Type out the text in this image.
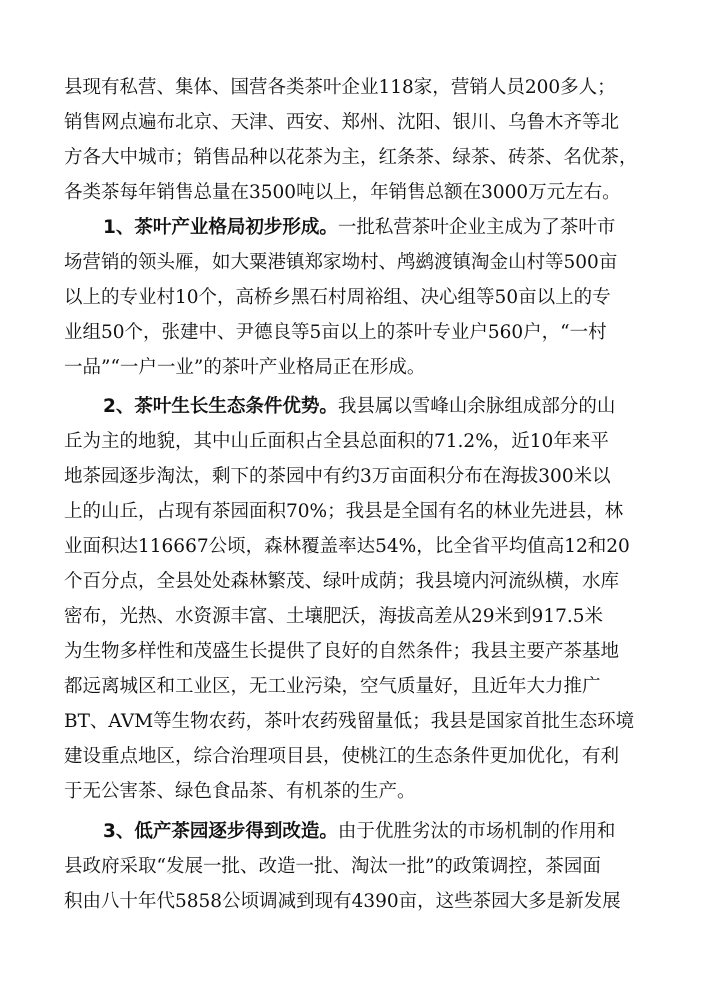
县现有私营、集体、国营各类茶叶企业118家，营销人员200多人；

销售网点遍布北京、天津、西安、郑州、沈阳、银川、乌鲁木齐等北

方各大中城市；销售品种以花茶为主，红条茶、绿茶、砖茶、名优茶，

各类茶每年销售总量在3500吨以上，年销售总额在3000万元左右。

1、茶叶产业格局初步形成。一批私营茶叶企业主成为了茶叶市

场营销的领头雁，如大粟港镇郑家坳村、鸬鹚渡镇淘金山村等500亩

以上的专业村10个，高桥乡黑石村周裕组、决心组等50亩以上的专

业组50个，张建中、尹德良等5亩以上的茶叶专业户560户，“一村

一品”“一户一业”的茶叶产业格局正在形成。

2、茶叶生长生态条件优势。我县属以雪峰山余脉组成部分的山

丘为主的地貌，其中山丘面积占全县总面积的71.2%，近10年来平

地茶园逐步淘汰，剩下的茶园中有约3万亩面积分布在海拔300米以

上的山丘，占现有茶园面积70%；我县是全国有名的林业先进县，林

业面积达116667公顷，森林覆盖率达54%，比全省平均值高12和20

个百分点，全县处处森林繁茂、绿叶成荫；我县境内河流纵横，水库

密布，光热、水资源丰富、土壤肥沃，海拔高差从29米到917.5米

为生物多样性和茂盛生长提供了良好的自然条件；我县主要产茶基地

都远离城区和工业区，无工业污染，空气质量好，且近年大力推广

BT、AVM等生物农药，茶叶农药残留量低；我县是国家首批生态环境

建设重点地区，综合治理项目县，使桃江的生态条件更加优化，有利

于无公害茶、绿色食品茶、有机茶的生产。

3、低产茶园逐步得到改造。由于优胜劣汰的市场机制的作用和

县政府采取“发展一批、改造一批、淘汰一批”的政策调控，茶园面

积由八十年代5858公顷调减到现有4390亩，这些茶园大多是新发展
